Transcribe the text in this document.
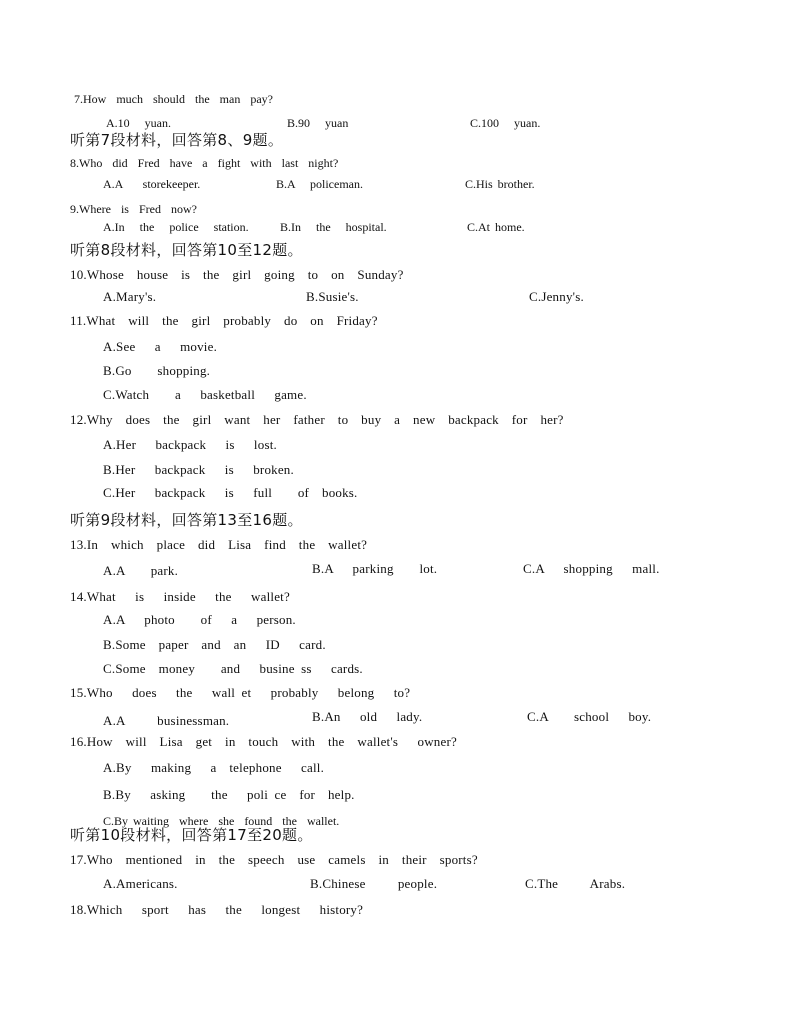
7.How  much  should  the  man  pay?
A.10   yuan.	B.90   yuan	C.100   yuan.
听第7段材料，回答第8、9题。
8.Who  did  Fred  have  a  fight  with  last  night?
A.A    storekeeper.	B.A   policeman.	C.His brother.
9.Where  is  Fred  now?
A.In   the   police   station.	B.In   the   hospital.	C.At home.
听第8段材料，回答第10至12题。
10.Whose  house  is  the  girl  going  to  on  Sunday?
A.Mary's.	B.Susie's.	C.Jenny's.
11.What  will  the  girl  probably  do  on  Friday?
A.See   a   movie.
B.Go    shopping.
C.Watch    a   basketball   game.
12.Why  does  the  girl  want  her  father  to  buy  a  new  backpack  for  her?
A.Her   backpack   is   lost.
B.Her   backpack   is   broken.
C.Her   backpack   is   full    of  books.
听第9段材料，回答第13至16题。
13.In  which  place  did  Lisa  find  the  wallet?
A.A    park.	B.A   parking    lot.	C.A   shopping   mall.
14.What   is   inside   the   wallet?
A.A   photo    of   a   person.
B.Some  paper  and  an   ID   card.
C.Some  money    and   busine ss   cards.
15.Who   does   the   wall et   probably   belong   to?
A.A     businessman.	B.An   old   lady.	C.A    school   boy.
16.How  will  Lisa  get  in  touch  with  the  wallet's   owner?
A.By   making   a  telephone   call.
B.By   asking    the   poli ce  for  help.
C.By waiting  where  she  found  the  wallet.
听第10段材料，回答第17至20题。
17.Who  mentioned  in  the  speech  use  camels  in  their  sports?
A.Americans.	B.Chinese     people.	C.The     Arabs.
18.Which   sport   has   the   longest   history?
